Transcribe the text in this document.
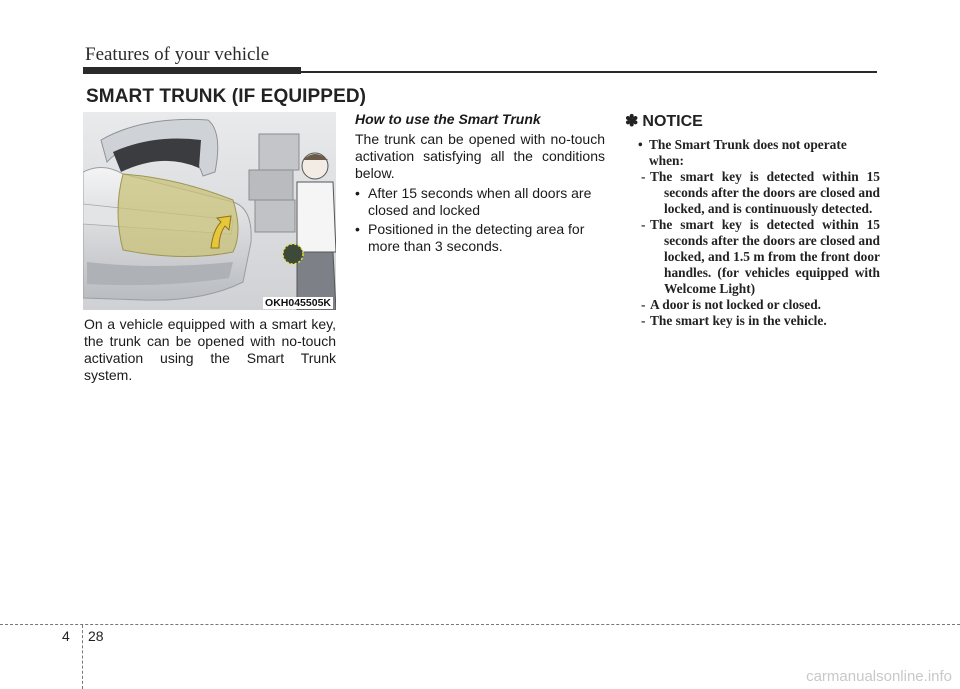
Features of your vehicle
SMART TRUNK (IF EQUIPPED)
OKH045505K
On a vehicle equipped with a smart key, the trunk can be opened with no-touch activation using the Smart Trunk system.
How to use the Smart Trunk
The trunk can be opened with no-touch activation satisfying all the conditions below.
• After 15 seconds when all doors are closed and locked
• Positioned in the detecting area for more than 3 seconds.
✽ NOTICE
• The Smart Trunk does not operate when:
- The smart key is detected within 15 seconds after the doors are closed and locked, and is continuously detected.
- The smart key is detected within 15 seconds after the doors are closed and locked, and 1.5 m from the front door handles. (for vehicles equipped with Welcome Light)
- A door is not locked or closed.
- The smart key is in the vehicle.
4 28
carmanualsonline.info
